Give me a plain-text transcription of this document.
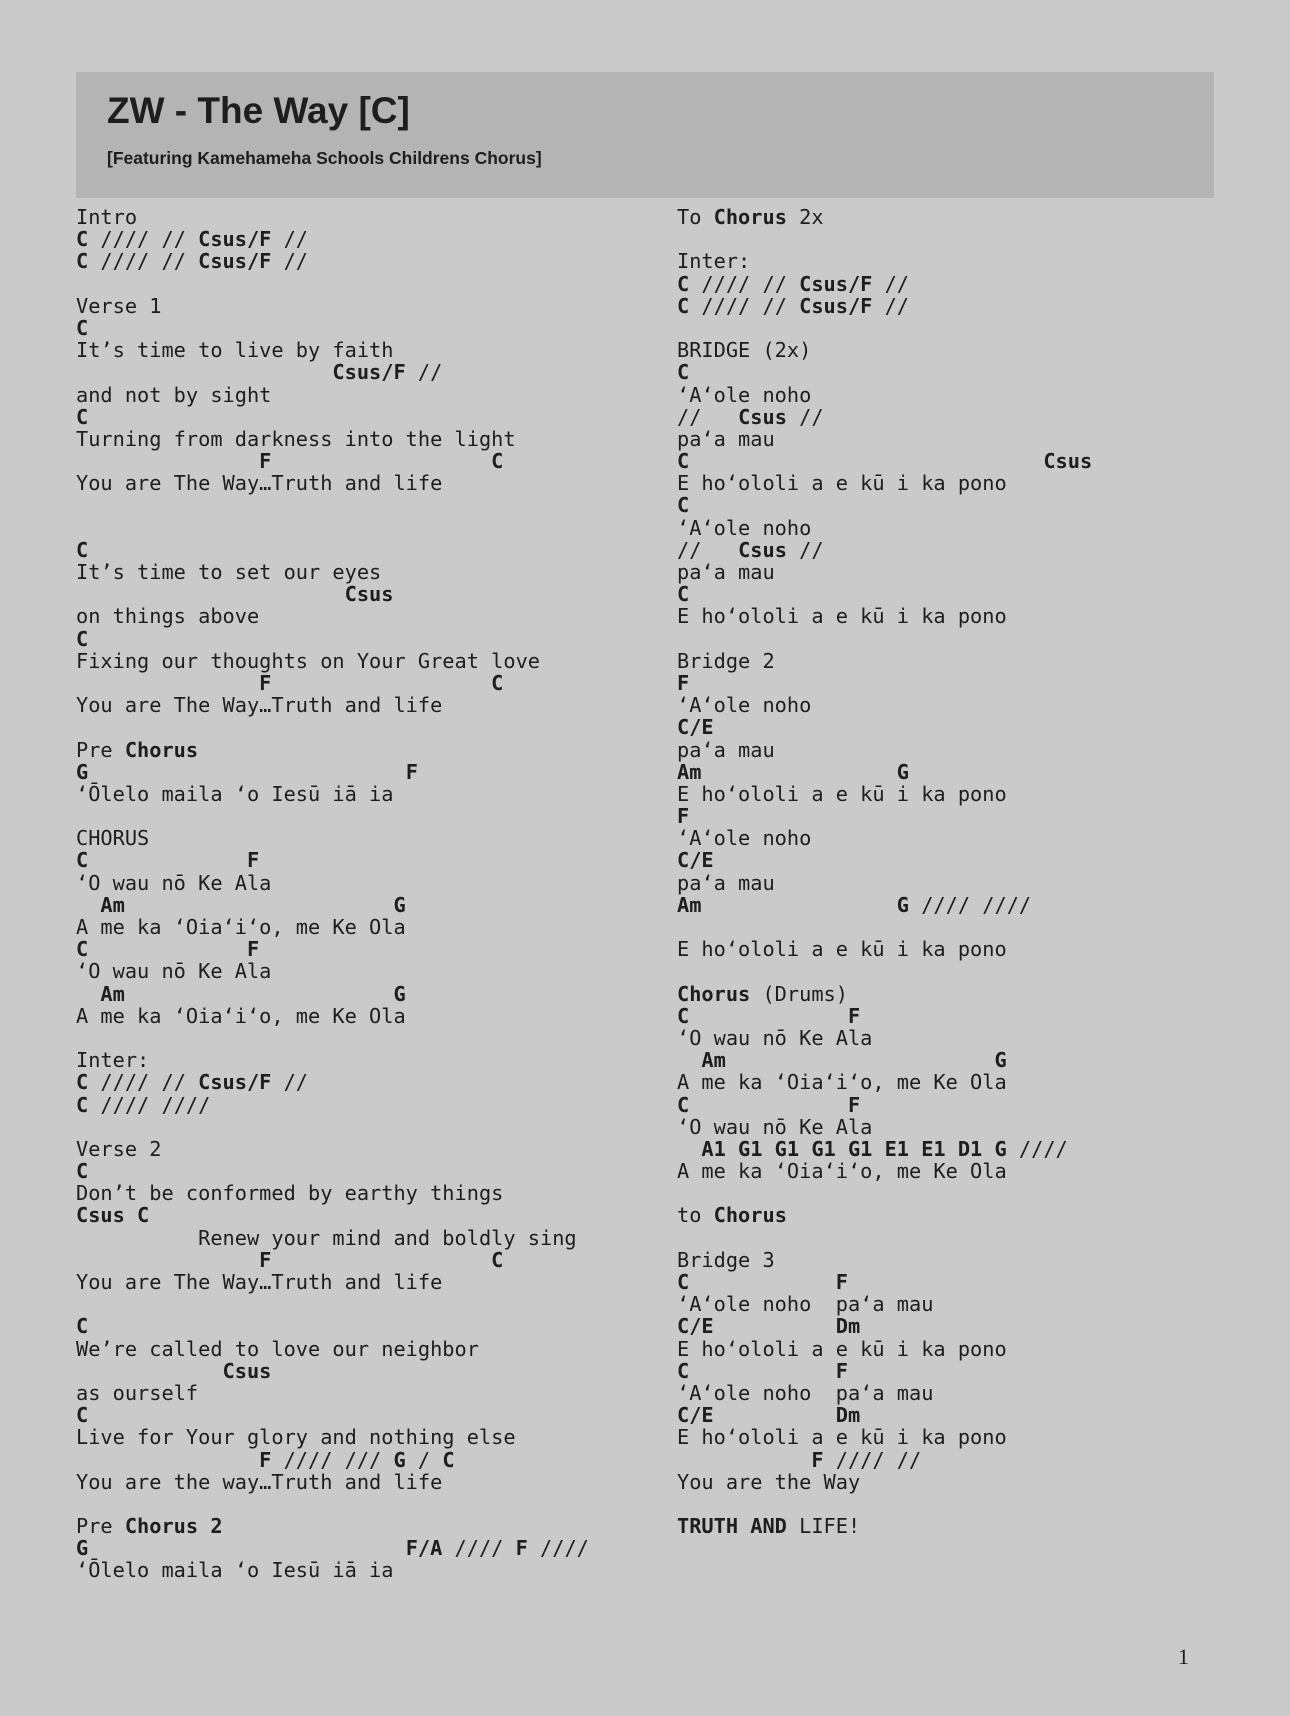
ZW - The Way [C]
[Featuring Kamehameha Schools Childrens Chorus]
Intro
C //// // Csus/F //
C //// // Csus/F //
Verse 1
C
It’s time to live by faith
Csus/F //
and not by sight
C
Turning from darkness into the light
F	C
You are The Way…Truth and life
C
It’s time to set our eyes
Csus
on things above
C
Fixing our thoughts on Your Great love
F	C
You are The Way…Truth and life
Pre Chorus
G	F
‘Ōlelo maila ‘o Iesū iā ia
CHORUS
C	F
‘O wau nō Ke Ala
Am	G
A me ka ‘Oia‘i‘o, me Ke Ola
C	F
‘O wau nō Ke Ala
Am	G
A me ka ‘Oia‘i‘o, me Ke Ola
Inter:
C //// // Csus/F //
C //// ////
Verse 2
C
Don’t be conformed by earthy things
Csus C
Renew your mind and boldly sing
F	C
You are The Way…Truth and life
C
We’re called to love our neighbor
Csus
as ourself
C
Live for Your glory and nothing else
F //// /// G / C
You are the way…Truth and life
Pre Chorus 2
G	F/A //// F ////
‘Ōlelo maila ‘o Iesū iā ia
To Chorus 2x
Inter:
C //// // Csus/F //
C //// // Csus/F //
BRIDGE (2x)
C
‘A‘ole noho
//   Csus //
pa‘a mau
C	Csus
E ho‘ololi a e kū i ka pono
C
‘A‘ole noho
//   Csus //
pa‘a mau
C
E ho‘ololi a e kū i ka pono
Bridge 2
F
‘A‘ole noho
C/E
pa‘a mau
Am	G
E ho‘ololi a e kū i ka pono
F
‘A‘ole noho
C/E
pa‘a mau
Am	G //// ////
E ho‘ololi a e kū i ka pono
Chorus (Drums)
C	F
‘O wau nō Ke Ala
Am	G
A me ka ‘Oia‘i‘o, me Ke Ola
C	F
‘O wau nō Ke Ala
A1 G1 G1 G1 G1 E1 E1 D1 G ////
A me ka ‘Oia‘i‘o, me Ke Ola
to Chorus
Bridge 3
C	F
‘A‘ole noho  pa‘a mau
C/E	Dm
E ho‘ololi a e kū i ka pono
C	F
‘A‘ole noho  pa‘a mau
C/E	Dm
E ho‘ololi a e kū i ka pono
F //// //
You are the Way
TRUTH AND LIFE!
1
